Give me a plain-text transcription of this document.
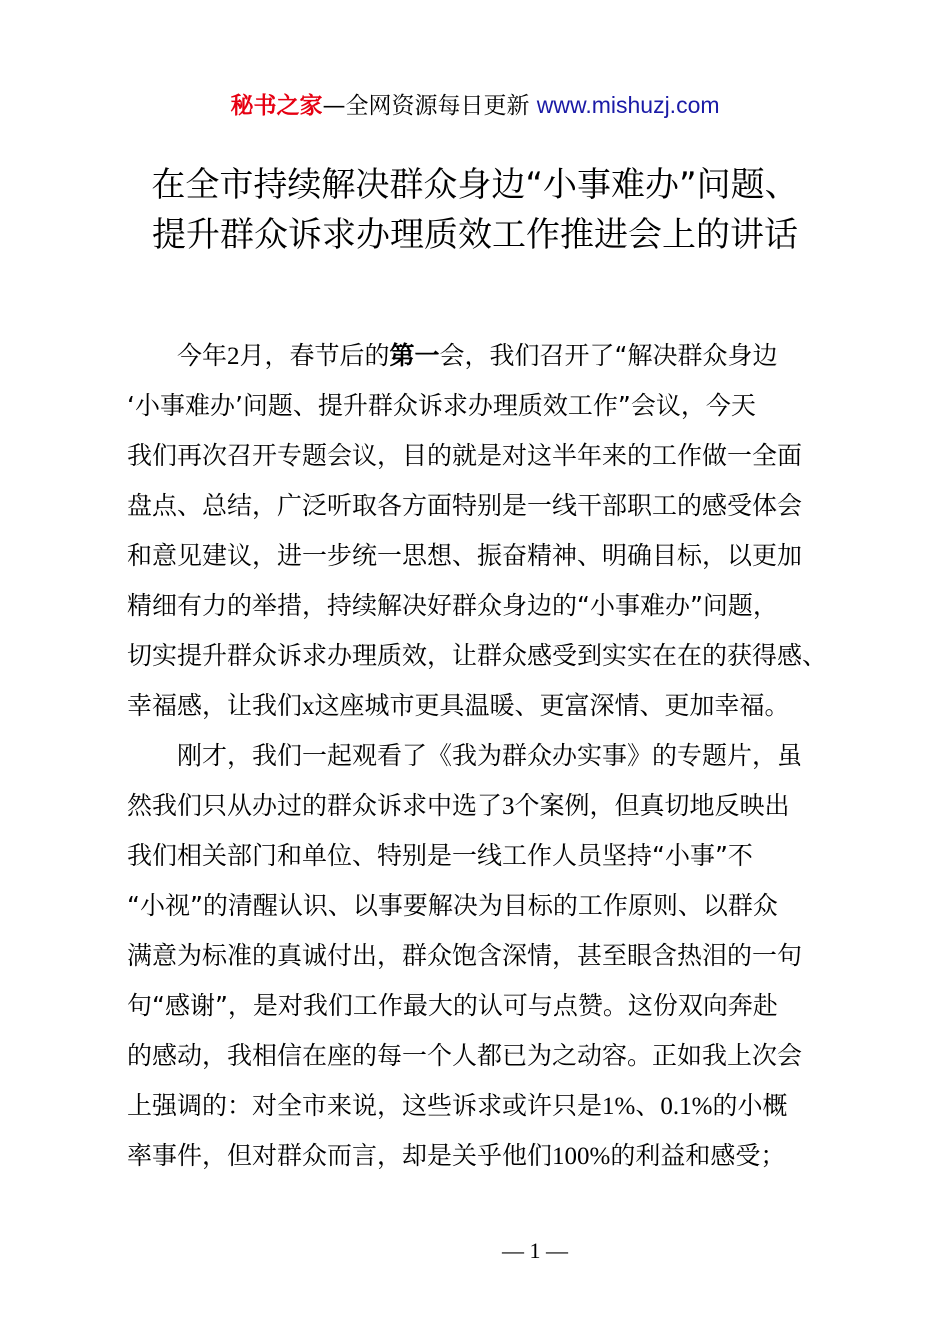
秘书之家—全网资源每日更新 www.mishuzj.com
在全市持续解决群众身边“小事难办”问题、
提升群众诉求办理质效工作推进会上的讲话
今年2月，春节后的第一会，我们召开了“解决群众身边
‘小事难办’问题、提升群众诉求办理质效工作”会议，今天
我们再次召开专题会议，目的就是对这半年来的工作做一全面
盘点、总结，广泛听取各方面特别是一线干部职工的感受体会
和意见建议，进一步统一思想、振奋精神、明确目标，以更加
精细有力的举措，持续解决好群众身边的“小事难办”问题，
切实提升群众诉求办理质效，让群众感受到实实在在的获得感、
幸福感，让我们x这座城市更具温暖、更富深情、更加幸福。
刚才，我们一起观看了《我为群众办实事》的专题片，虽
然我们只从办过的群众诉求中选了3个案例，但真切地反映出
我们相关部门和单位、特别是一线工作人员坚持“小事”不
“小视”的清醒认识、以事要解决为目标的工作原则、以群众
满意为标准的真诚付出，群众饱含深情，甚至眼含热泪的一句
句“感谢”，是对我们工作最大的认可与点赞。这份双向奔赴
的感动，我相信在座的每一个人都已为之动容。正如我上次会
上强调的：对全市来说，这些诉求或许只是1%、0.1%的小概
率事件，但对群众而言，却是关乎他们100%的利益和感受；
— 1 —
